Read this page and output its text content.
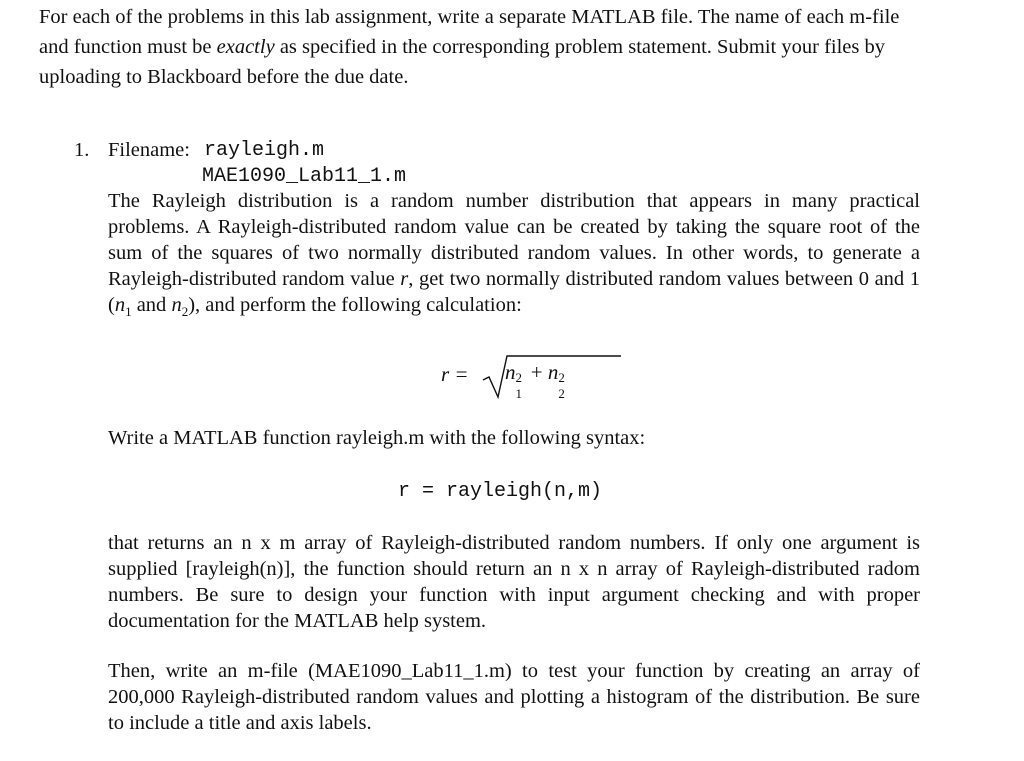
For each of the problems in this lab assignment, write a separate MATLAB file. The name of each m-file and function must be exactly as specified in the corresponding problem statement. Submit your files by uploading to Blackboard before the due date.

1. Filename: rayleigh.m
MAE1090_Lab11_1.m

The Rayleigh distribution is a random number distribution that appears in many practical problems. A Rayleigh-distributed random value can be created by taking the square root of the sum of the squares of two normally distributed random values. In other words, to generate a Rayleigh-distributed random value r, get two normally distributed random values between 0 and 1 ($n_1$ and $n_2$), and perform the following calculation:

r = n 2
1
+ n 2
2

Write a MATLAB function rayleigh.m with the following syntax:

r = rayleigh(n,m)

that returns an n x m array of Rayleigh-distributed random numbers. If only one argument is supplied [rayleigh(n)], the function should return an n x n array of Rayleigh-distributed radom numbers. Be sure to design your function with input argument checking and with proper documentation for the MATLAB help system.

Then, write an m-file (MAE1090_Lab11_1.m) to test your function by creating an array of 200,000 Rayleigh-distributed random values and plotting a histogram of the distribution. Be sure to include a title and axis labels.
